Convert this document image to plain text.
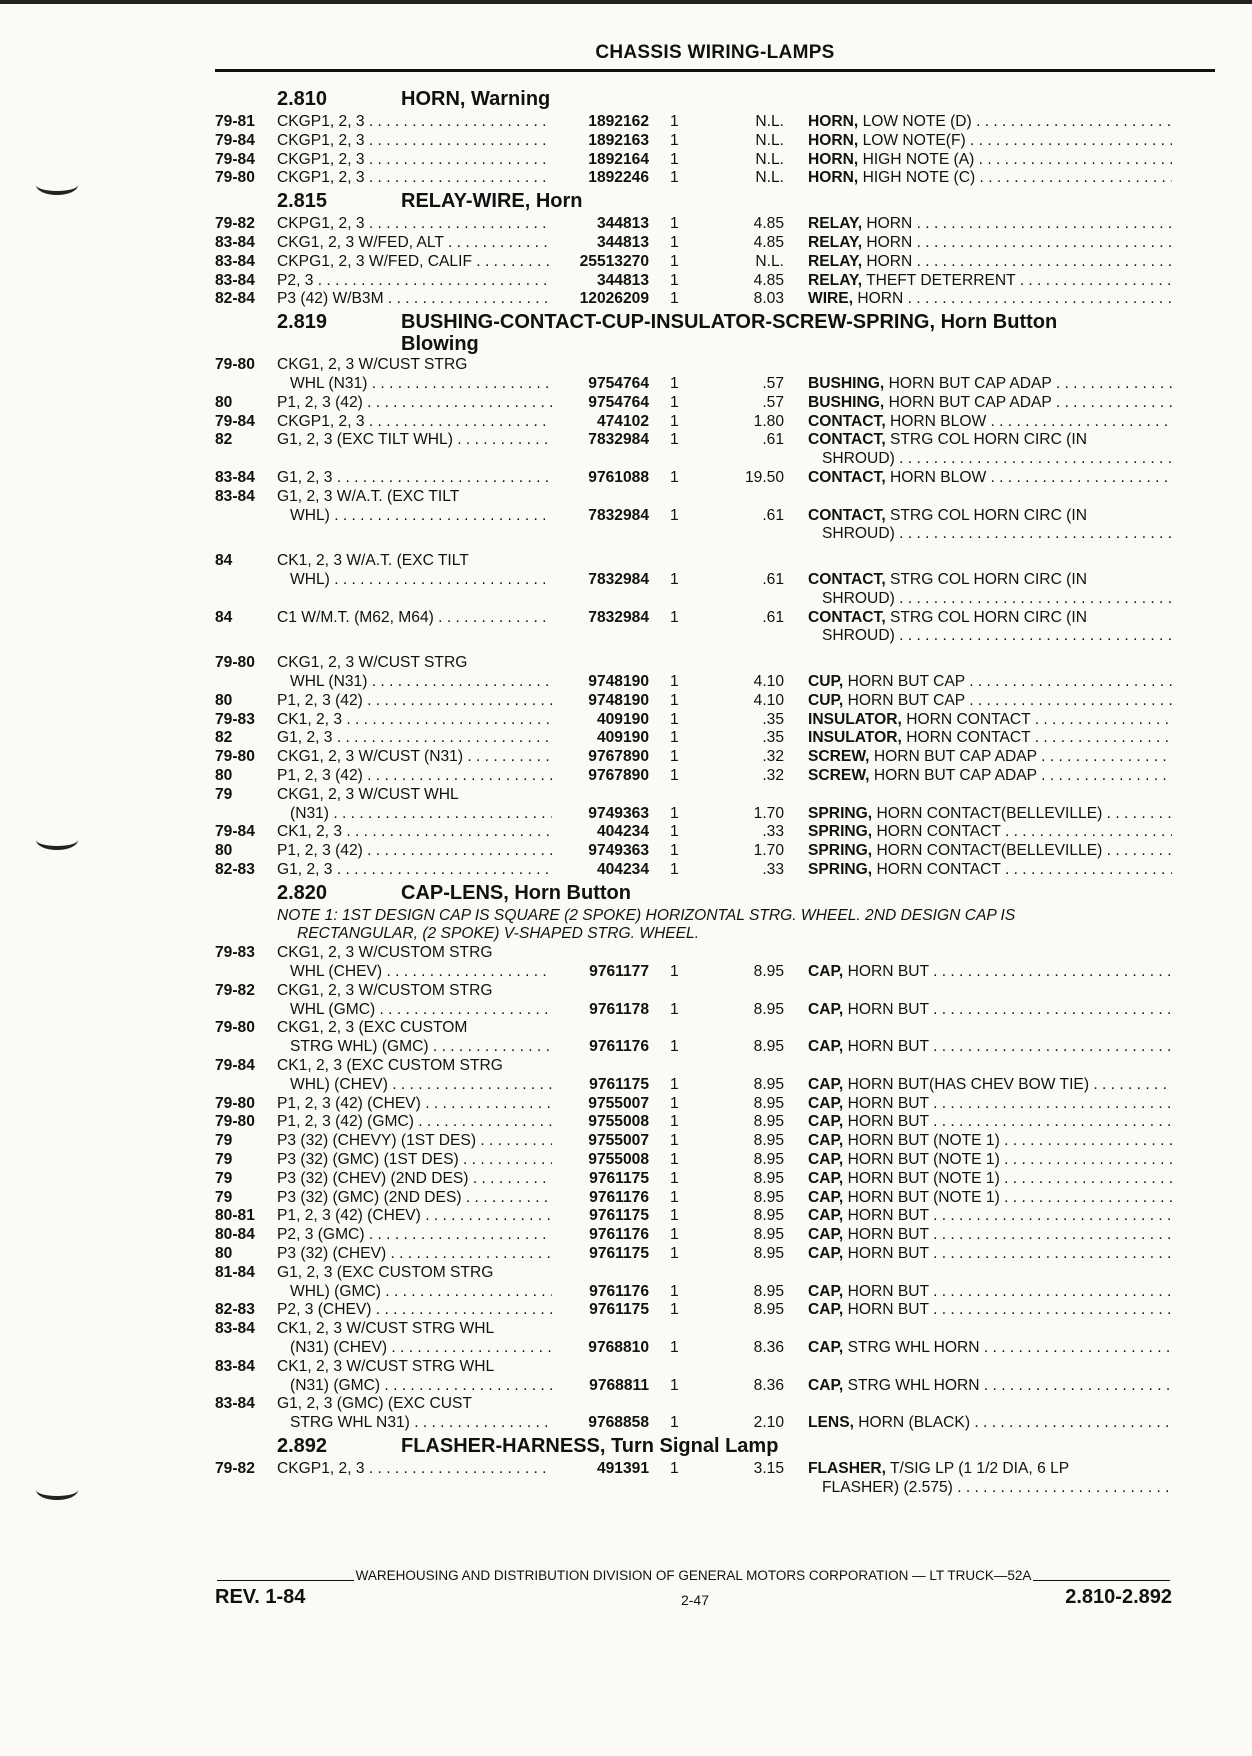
CHASSIS WIRING-LAMPS
2.810	HORN, Warning
79-81	CKGP1, 2, 3 . . .	1892162 1	N.L. HORN, LOW NOTE (D) . . .
79-84	CKGP1, 2, 3 . . .	1892163 1	N.L. HORN, LOW NOTE(F) . . .
79-84	CKGP1, 2, 3 . . .	1892164 1	N.L. HORN, HIGH NOTE (A) . . .
79-80	CKGP1, 2, 3 . . .	1892246 1	N.L. HORN, HIGH NOTE (C) . . .
2.815	RELAY-WIRE, Horn
79-82	CKPG1, 2, 3 . . .	344813 1	4.85 RELAY, HORN . . .
83-84	CKG1, 2, 3 W/FED, ALT . . .	344813 1	4.85 RELAY, HORN . . .
83-84	CKPG1, 2, 3 W/FED, CALIF . . .	25513270 1	N.L. RELAY, HORN . . .
83-84	P2, 3 . . .	344813 1	4.85 RELAY, THEFT DETERRENT . . .
82-84	P3 (42) W/B3M . . .	12026209 1	8.03 WIRE, HORN . . .
2.819	BUSHING-CONTACT-CUP-INSULATOR-SCREW-SPRING, Horn Button
Blowing
79-80	CKG1, 2, 3 W/CUST STRG
WHL (N31) . . .	9754764 1	.57 BUSHING, HORN BUT CAP ADAP . . .
80	P1, 2, 3 (42) . . .	9754764 1	.57 BUSHING, HORN BUT CAP ADAP . . .
79-84	CKGP1, 2, 3 . . .	474102 1	1.80 CONTACT, HORN BLOW . . .
82	G1, 2, 3 (EXC TILT WHL) . . .	7832984 1	.61 CONTACT, STRG COL HORN CIRC (IN
SHROUD) . . .
83-84	G1, 2, 3 . . .	9761088 1	19.50 CONTACT, HORN BLOW . . .
83-84	G1, 2, 3 W/A.T. (EXC TILT
WHL) . . .	7832984 1	.61 CONTACT, STRG COL HORN CIRC (IN
SHROUD) . . .
84	CK1, 2, 3 W/A.T. (EXC TILT
WHL) . . .	7832984 1	.61 CONTACT, STRG COL HORN CIRC (IN
SHROUD) . . .
84	C1 W/M.T. (M62, M64) . . .	7832984 1	.61 CONTACT, STRG COL HORN CIRC (IN
SHROUD) . . .
79-80	CKG1, 2, 3 W/CUST STRG
WHL (N31) . . .	9748190 1	4.10 CUP, HORN BUT CAP . . .
80	P1, 2, 3 (42) . . .	9748190 1	4.10 CUP, HORN BUT CAP . . .
79-83	CK1, 2, 3 . . .	409190 1	.35 INSULATOR, HORN CONTACT . . .
82	G1, 2, 3 . . .	409190 1	.35 INSULATOR, HORN CONTACT . . .
79-80	CKG1, 2, 3 W/CUST (N31) . . .	9767890 1	.32 SCREW, HORN BUT CAP ADAP . . .
80	P1, 2, 3 (42) . . .	9767890 1	.32 SCREW, HORN BUT CAP ADAP . . .
79	CKG1, 2, 3 W/CUST WHL
(N31) . . .	9749363 1	1.70 SPRING, HORN CONTACT(BELLEVILLE) . . .
79-84	CK1, 2, 3 . . .	404234 1	.33 SPRING, HORN CONTACT . . .
80	P1, 2, 3 (42) . . .	9749363 1	1.70 SPRING, HORN CONTACT(BELLEVILLE) . . .
82-83	G1, 2, 3 . . .	404234 1	.33 SPRING, HORN CONTACT . . .
2.820	CAP-LENS, Horn Button
NOTE 1: 1ST DESIGN CAP IS SQUARE (2 SPOKE) HORIZONTAL STRG. WHEEL. 2ND DESIGN CAP IS
RECTANGULAR, (2 SPOKE) V-SHAPED STRG. WHEEL.
79-83	CKG1, 2, 3 W/CUSTOM STRG
WHL (CHEV) . . .	9761177 1	8.95 CAP, HORN BUT . . .
79-82	CKG1, 2, 3 W/CUSTOM STRG
WHL (GMC) . . .	9761178 1	8.95 CAP, HORN BUT . . .
79-80	CKG1, 2, 3 (EXC CUSTOM
STRG WHL) (GMC) . . .	9761176 1	8.95 CAP, HORN BUT . . .
79-84	CK1, 2, 3 (EXC CUSTOM STRG
WHL) (CHEV) . . .	9761175 1	8.95 CAP, HORN BUT(HAS CHEV BOW TIE) . . .
79-80	P1, 2, 3 (42) (CHEV) . . .	9755007 1	8.95 CAP, HORN BUT . . .
79-80	P1, 2, 3 (42) (GMC) . . .	9755008 1	8.95 CAP, HORN BUT . . .
79	P3 (32) (CHEVY) (1ST DES) . . .	9755007 1	8.95 CAP, HORN BUT (NOTE 1) . . .
79	P3 (32) (GMC) (1ST DES) . . .	9755008 1	8.95 CAP, HORN BUT (NOTE 1) . . .
79	P3 (32) (CHEV) (2ND DES) . . .	9761175 1	8.95 CAP, HORN BUT (NOTE 1) . . .
79	P3 (32) (GMC) (2ND DES) . . .	9761176 1	8.95 CAP, HORN BUT (NOTE 1) . . .
80-81	P1, 2, 3 (42) (CHEV) . . .	9761175 1	8.95 CAP, HORN BUT . . .
80-84	P2, 3 (GMC) . . .	9761176 1	8.95 CAP, HORN BUT . . .
80	P3 (32) (CHEV) . . .	9761175 1	8.95 CAP, HORN BUT . . .
81-84	G1, 2, 3 (EXC CUSTOM STRG
WHL) (GMC) . . .	9761176 1	8.95 CAP, HORN BUT . . .
82-83	P2, 3 (CHEV) . . .	9761175 1	8.95 CAP, HORN BUT . . .
83-84	CK1, 2, 3 W/CUST STRG WHL
(N31) (CHEV) . . .	9768810 1	8.36 CAP, STRG WHL HORN . . .
83-84	CK1, 2, 3 W/CUST STRG WHL
(N31) (GMC) . . .	9768811 1	8.36 CAP, STRG WHL HORN . . .
83-84	G1, 2, 3 (GMC) (EXC CUST
STRG WHL N31) . . .	9768858 1	2.10 LENS, HORN (BLACK) . . .
2.892	FLASHER-HARNESS, Turn Signal Lamp
79-82	CKGP1, 2, 3 . . .	491391 1	3.15 FLASHER, T/SIG LP (1 1/2 DIA, 6 LP
FLASHER) (2.575) . . .
WAREHOUSING AND DISTRIBUTION DIVISION OF GENERAL MOTORS CORPORATION — LT TRUCK—52A
REV. 1-84	2-47	2.810-2.892
